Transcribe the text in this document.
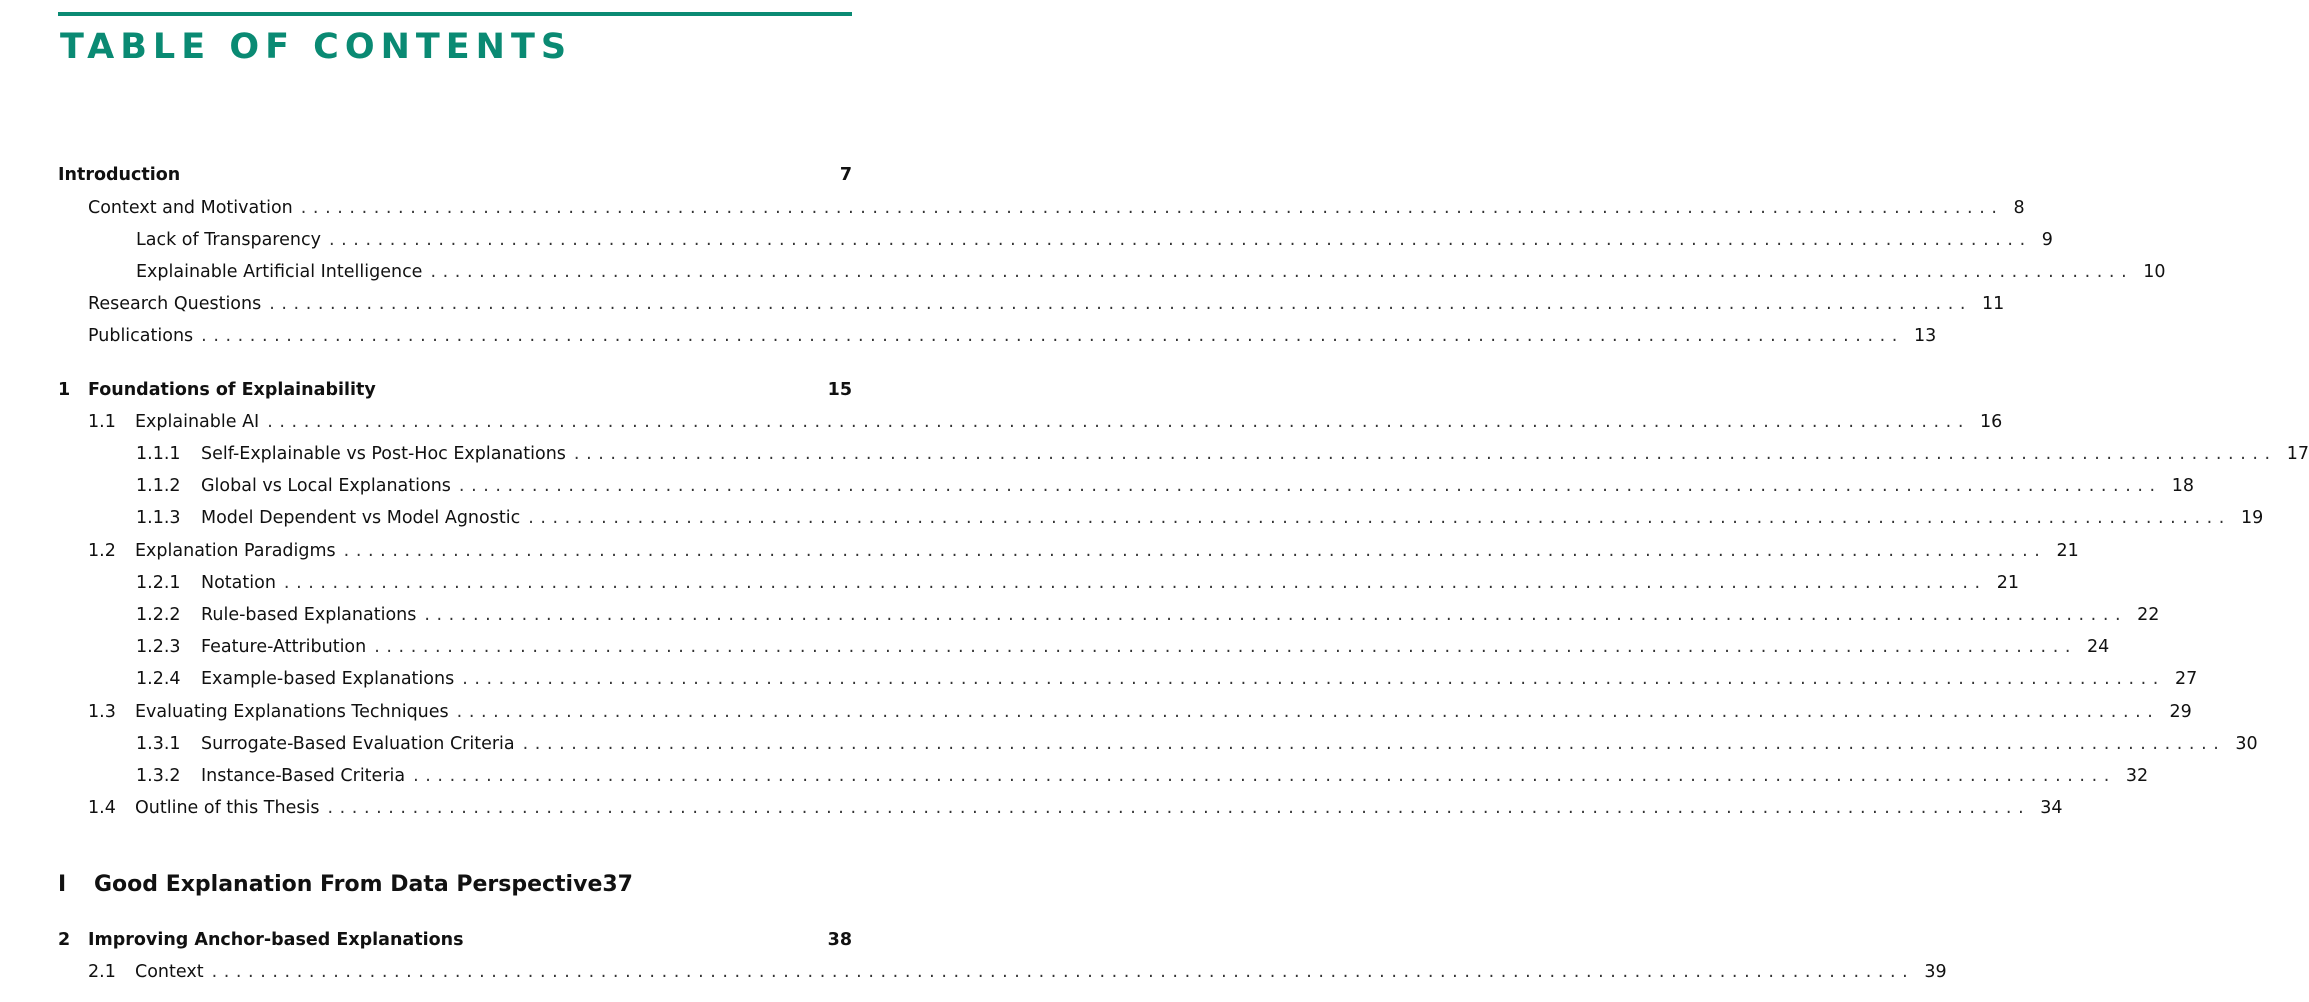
TABLE OF CONTENTS
Introduction	7
Context and Motivation ............................................................................................................................................ 8
Lack of Transparency ............................................................................................................................................ 9
Explainable Artificial Intelligence ............................................................................................................................................ 10
Research Questions ............................................................................................................................................ 11
Publications ............................................................................................................................................ 13
1	Foundations of Explainability	15
1.1	Explainable AI ............................................................................................................................................ 16
1.1.1	Self-Explainable vs Post-Hoc Explanations ............................................................................................................................................ 17
1.1.2	Global vs Local Explanations ............................................................................................................................................ 18
1.1.3	Model Dependent vs Model Agnostic ............................................................................................................................................ 19
1.2	Explanation Paradigms ............................................................................................................................................ 21
1.2.1	Notation ............................................................................................................................................ 21
1.2.2	Rule-based Explanations ............................................................................................................................................ 22
1.2.3	Feature-Attribution ............................................................................................................................................ 24
1.2.4	Example-based Explanations ............................................................................................................................................ 27
1.3	Evaluating Explanations Techniques ............................................................................................................................................ 29
1.3.1	Surrogate-Based Evaluation Criteria ............................................................................................................................................ 30
1.3.2	Instance-Based Criteria ............................................................................................................................................ 32
1.4	Outline of this Thesis ............................................................................................................................................ 34
I	Good Explanation From Data Perspective 37
2	Improving Anchor-based Explanations	38
2.1	Context ............................................................................................................................................ 39
